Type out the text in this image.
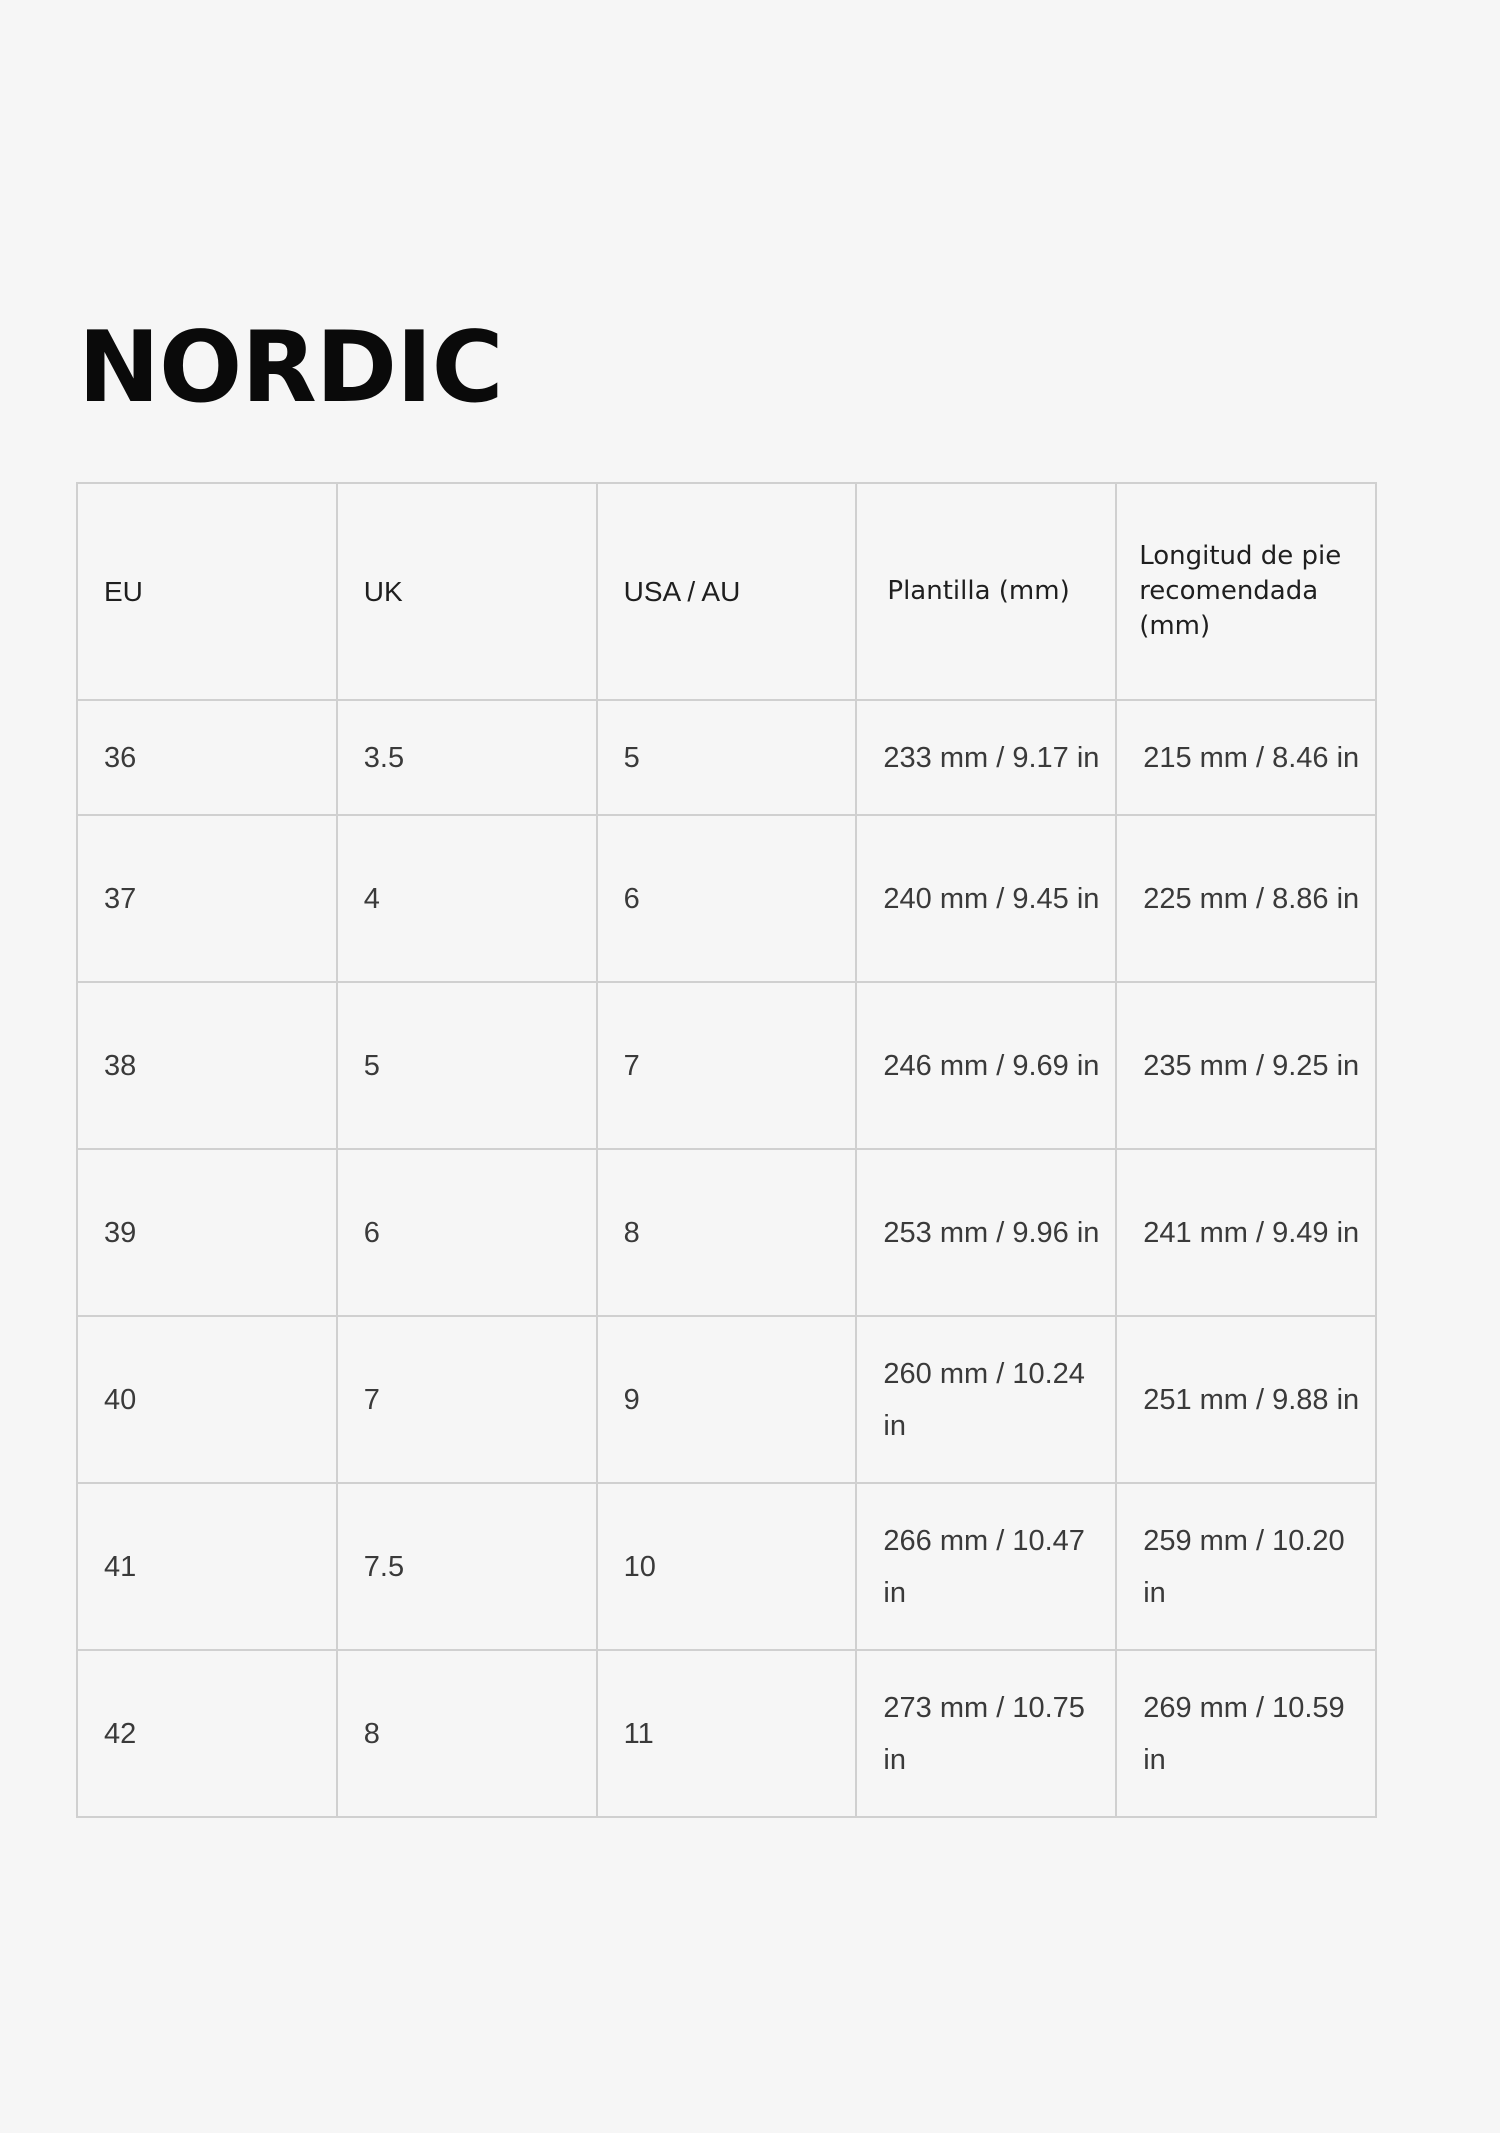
NORDIC
EU	UK	USA / AU	Plantilla (mm)	Longitud de pie recomendada (mm)
36	3.5	5	233 mm / 9.17 in	215 mm / 8.46 in
37	4	6	240 mm / 9.45 in	225 mm / 8.86 in
38	5	7	246 mm / 9.69 in	235 mm / 9.25 in
39	6	8	253 mm / 9.96 in	241 mm / 9.49 in
40	7	9	260 mm / 10.24 in	251 mm / 9.88 in
41	7.5	10	266 mm / 10.47 in	259 mm / 10.20 in
42	8	11	273 mm / 10.75 in	269 mm / 10.59 in
